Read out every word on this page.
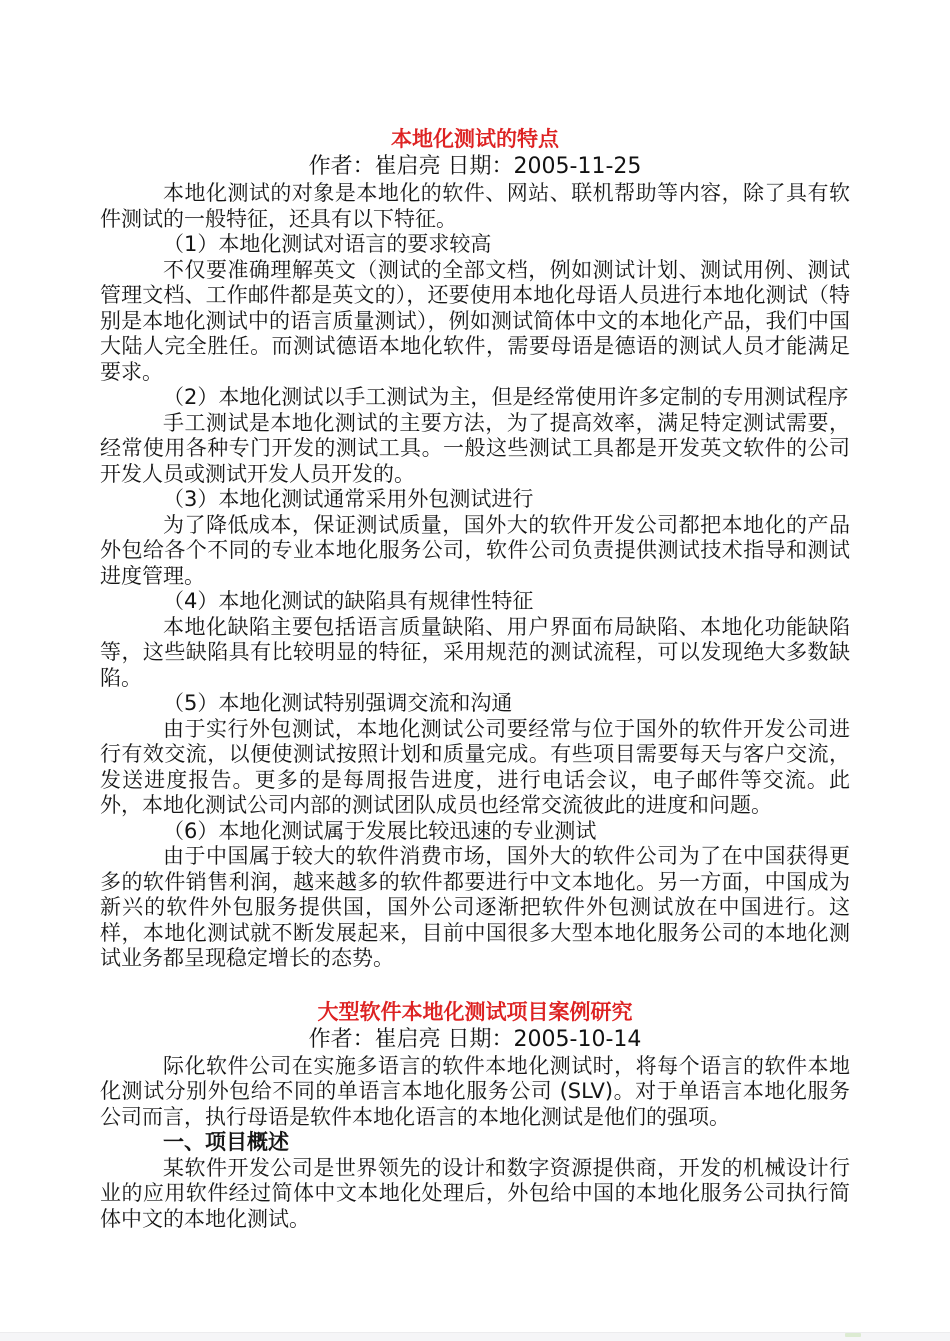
本地化测试的特点
作者：崔启亮 日期：2005-11-25

本地化测试的对象是本地化的软件、网站、联机帮助等内容，除了具有软件测试的一般特征，还具有以下特征。

（1）本地化测试对语言的要求较高

不仅要准确理解英文（测试的全部文档，例如测试计划、测试用例、测试管理文档、工作邮件都是英文的），还要使用本地化母语人员进行本地化测试（特别是本地化测试中的语言质量测试），例如测试简体中文的本地化产品，我们中国大陆人完全胜任。而测试德语本地化软件，需要母语是德语的测试人员才能满足要求。

（2）本地化测试以手工测试为主，但是经常使用许多定制的专用测试程序

手工测试是本地化测试的主要方法，为了提高效率，满足特定测试需要，经常使用各种专门开发的测试工具。一般这些测试工具都是开发英文软件的公司开发人员或测试开发人员开发的。

（3）本地化测试通常采用外包测试进行

为了降低成本，保证测试质量，国外大的软件开发公司都把本地化的产品外包给各个不同的专业本地化服务公司，软件公司负责提供测试技术指导和测试进度管理。

（4）本地化测试的缺陷具有规律性特征

本地化缺陷主要包括语言质量缺陷、用户界面布局缺陷、本地化功能缺陷等，这些缺陷具有比较明显的特征，采用规范的测试流程，可以发现绝大多数缺陷。

（5）本地化测试特别强调交流和沟通

由于实行外包测试，本地化测试公司要经常与位于国外的软件开发公司进行有效交流，以便使测试按照计划和质量完成。有些项目需要每天与客户交流，发送进度报告。更多的是每周报告进度，进行电话会议，电子邮件等交流。此外，本地化测试公司内部的测试团队成员也经常交流彼此的进度和问题。

（6）本地化测试属于发展比较迅速的专业测试

由于中国属于较大的软件消费市场，国外大的软件公司为了在中国获得更多的软件销售利润，越来越多的软件都要进行中文本地化。另一方面，中国成为新兴的软件外包服务提供国，国外公司逐渐把软件外包测试放在中国进行。这样，本地化测试就不断发展起来，目前中国很多大型本地化服务公司的本地化测试业务都呈现稳定增长的态势。

大型软件本地化测试项目案例研究
作者：崔启亮 日期：2005-10-14

际化软件公司在实施多语言的软件本地化测试时，将每个语言的软件本地化测试分别外包给不同的单语言本地化服务公司 (SLV)。对于单语言本地化服务公司而言，执行母语是软件本地化语言的本地化测试是他们的强项。

一、项目概述

某软件开发公司是世界领先的设计和数字资源提供商，开发的机械设计行业的应用软件经过简体中文本地化处理后，外包给中国的本地化服务公司执行简体中文的本地化测试。
